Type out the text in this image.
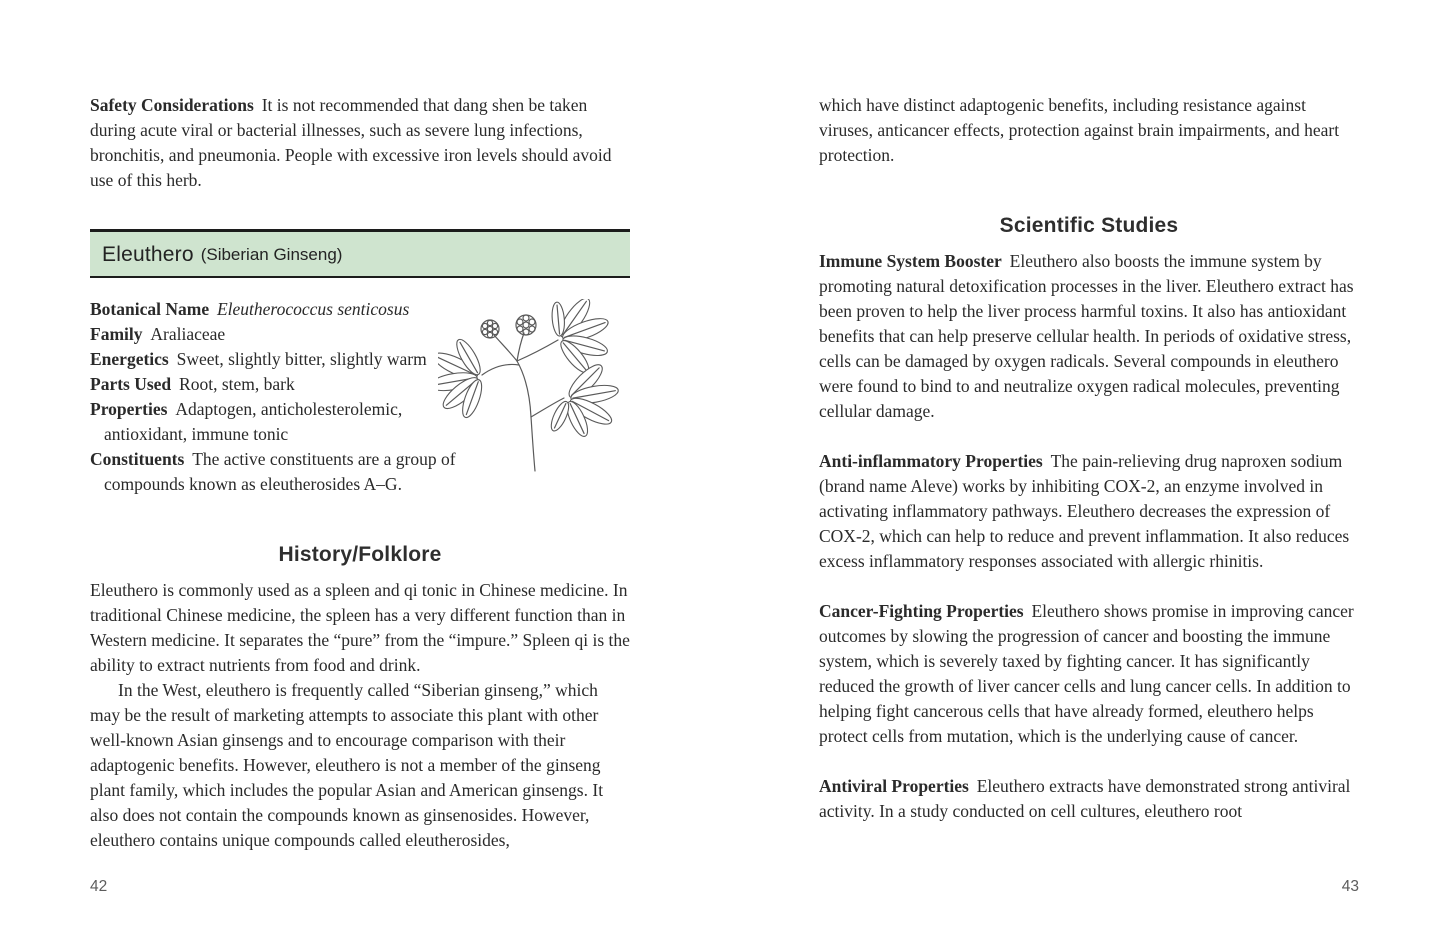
Safety Considerations It is not recommended that dang shen be taken during acute viral or bacterial illnesses, such as severe lung infections, bronchitis, and pneumonia. People with excessive iron levels should avoid use of this herb.

Eleuthero (Siberian Ginseng)
Botanical Name Eleutherococcus senticosus
Family Araliaceae
Energetics Sweet, slightly bitter, slightly warm
Parts Used Root, stem, bark
Properties Adaptogen, anticholesterolemic, antioxidant, immune tonic
Constituents The active constituents are a group of compounds known as eleutherosides A–G.
History/Folklore

Eleuthero is commonly used as a spleen and qi tonic in Chinese medicine. In traditional Chinese medicine, the spleen has a very different function than in Western medicine. It separates the “pure” from the “impure.” Spleen qi is the ability to extract nutrients from food and drink.

In the West, eleuthero is frequently called “Siberian ginseng,” which may be the result of marketing attempts to associate this plant with other well-known Asian ginsengs and to encourage comparison with their adaptogenic benefits. However, eleuthero is not a member of the ginseng plant family, which includes the popular Asian and American ginsengs. It also does not contain the compounds known as ginsenosides. However, eleuthero contains unique compounds called eleutherosides,

which have distinct adaptogenic benefits, including resistance against viruses, anticancer effects, protection against brain impairments, and heart protection.

Scientific Studies

Immune System Booster Eleuthero also boosts the immune system by promoting natural detoxification processes in the liver. Eleuthero extract has been proven to help the liver process harmful toxins. It also has antioxidant benefits that can help preserve cellular health. In periods of oxidative stress, cells can be damaged by oxygen radicals. Several compounds in eleuthero were found to bind to and neutralize oxygen radical molecules, preventing cellular damage.

Anti-inflammatory Properties The pain-relieving drug naproxen sodium (brand name Aleve) works by inhibiting COX-2, an enzyme involved in activating inflammatory pathways. Eleuthero decreases the expression of COX-2, which can help to reduce and prevent inflammation. It also reduces excess inflammatory responses associated with allergic rhinitis.

Cancer-Fighting Properties Eleuthero shows promise in improving cancer outcomes by slowing the progression of cancer and boosting the immune system, which is severely taxed by fighting cancer. It has significantly reduced the growth of liver cancer cells and lung cancer cells. In addition to helping fight cancerous cells that have already formed, eleuthero helps protect cells from mutation, which is the underlying cause of cancer.

Antiviral Properties Eleuthero extracts have demonstrated strong antiviral activity. In a study conducted on cell cultures, eleuthero root

42	43
